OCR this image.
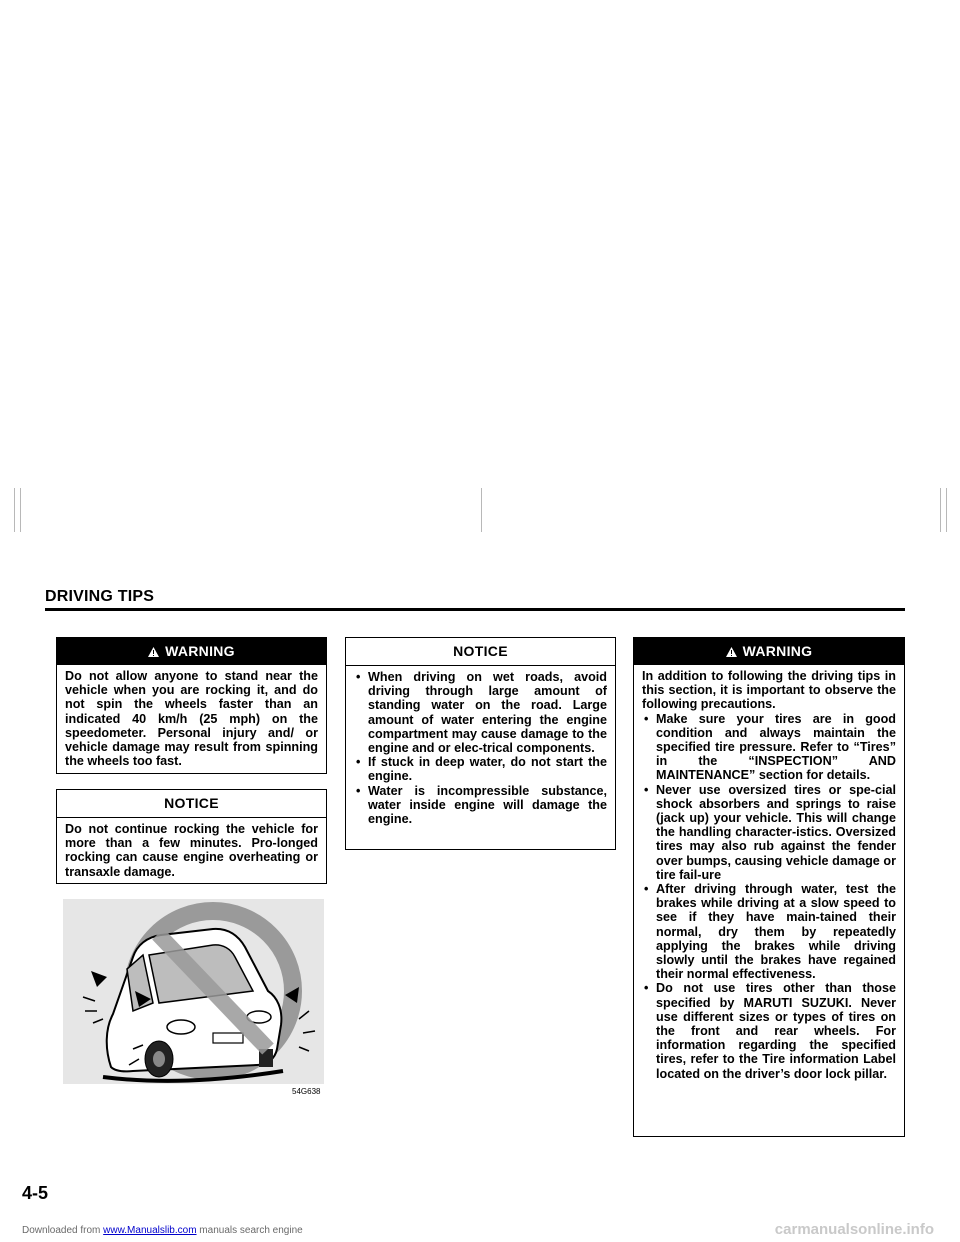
DRIVING TIPS
WARNING

Do not allow anyone to stand near the vehicle when you are rocking it, and do not spin the wheels faster than an indicated 40 km/h (25 mph) on the speedometer. Personal injury and/ or vehicle damage may result from spinning the wheels too fast.

NOTICE

Do not continue rocking the vehicle for more than a few minutes. Pro-longed rocking can cause engine overheating or transaxle damage.

54G638
NOTICE
• When driving on wet roads, avoid driving through large amount of standing water on the road. Large amount of water entering the engine compartment may cause damage to the engine and or elec-trical components.
• If stuck in deep water, do not start the engine.
• Water is incompressible substance, water inside engine will damage the engine.
WARNING

In addition to following the driving tips in this section, it is important to observe the following precautions.

• Make sure your tires are in good condition and always maintain the specified tire pressure. Refer to “Tires” in the “INSPECTION” AND MAINTENANCE” section for details.
• Never use oversized tires or spe-cial shock absorbers and springs to raise (jack up) your vehicle. This will change the handling character-istics. Oversized tires may also rub against the fender over bumps, causing vehicle damage or tire fail-ure
• After driving through water, test the brakes while driving at a slow speed to see if they have main-tained their normal, dry them by repeatedly applying the brakes while driving slowly until the brakes have regained their normal effectiveness.
• Do not use tires other than those specified by MARUTI SUZUKI. Never use different sizes or types of tires on the front and rear wheels. For information regarding the specified tires, refer to the Tire information Label located on the driver’s door lock pillar.
4-5
Downloaded from www.Manualslib.com manuals search engine	carmanualsonline.info
